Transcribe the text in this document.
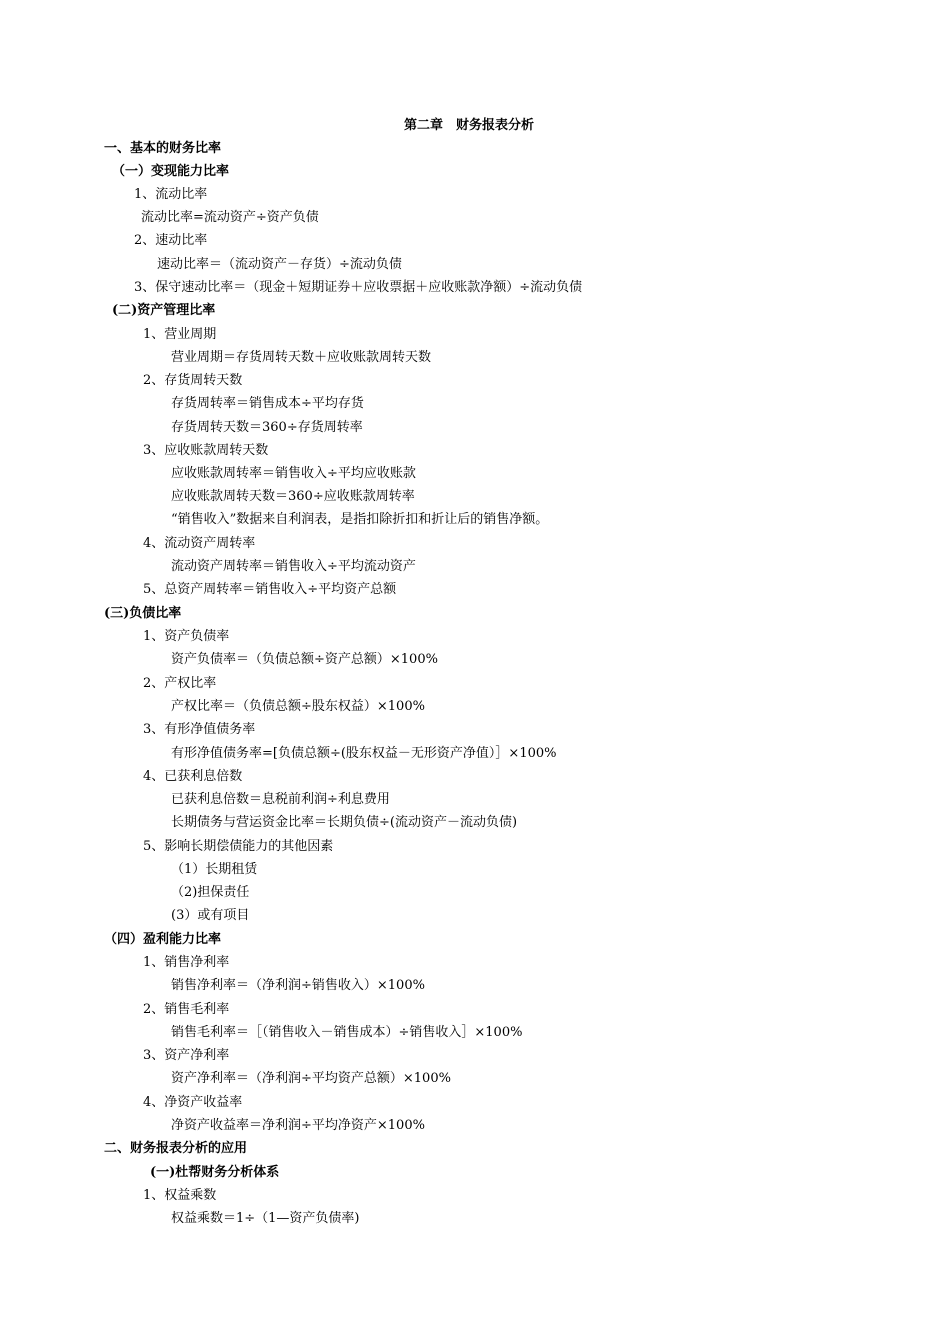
第二章　财务报表分析
一、基本的财务比率
（一）变现能力比率
1、流动比率
流动比率=流动资产÷资产负债
2、速动比率
速动比率＝（流动资产－存货）÷流动负债
3、保守速动比率＝（现金＋短期证券＋应收票据＋应收账款净额）÷流动负债
(二)资产管理比率
1、营业周期
营业周期＝存货周转天数＋应收账款周转天数
2、存货周转天数
存货周转率＝销售成本÷平均存货
存货周转天数＝360÷存货周转率
3、应收账款周转天数
应收账款周转率＝销售收入÷平均应收账款
应收账款周转天数＝360÷应收账款周转率
“销售收入”数据来自利润表，是指扣除折扣和折让后的销售净额。
4、流动资产周转率
流动资产周转率＝销售收入÷平均流动资产
5、总资产周转率＝销售收入÷平均资产总额
(三)负债比率
1、资产负债率
资产负债率＝（负债总额÷资产总额）×100%
2、产权比率
产权比率＝（负债总额÷股东权益）×100%
3、有形净值债务率
有形净值债务率=[负债总额÷(股东权益－无形资产净值）］×100%
4、已获利息倍数
已获利息倍数＝息税前利润÷利息费用
长期债务与营运资金比率＝长期负债÷(流动资产－流动负债)
5、影响长期偿债能力的其他因素
（1）长期租赁
（2)担保责任
(3）或有项目
（四）盈利能力比率
1、销售净利率
销售净利率＝（净利润÷销售收入）×100%
2、销售毛利率
销售毛利率＝［（销售收入－销售成本）÷销售收入］×100%
3、资产净利率
资产净利率＝（净利润÷平均资产总额）×100%
4、净资产收益率
净资产收益率＝净利润÷平均净资产×100%
二、财务报表分析的应用
(一)杜帮财务分析体系
1、权益乘数
权益乘数＝1÷（1—资产负债率)
